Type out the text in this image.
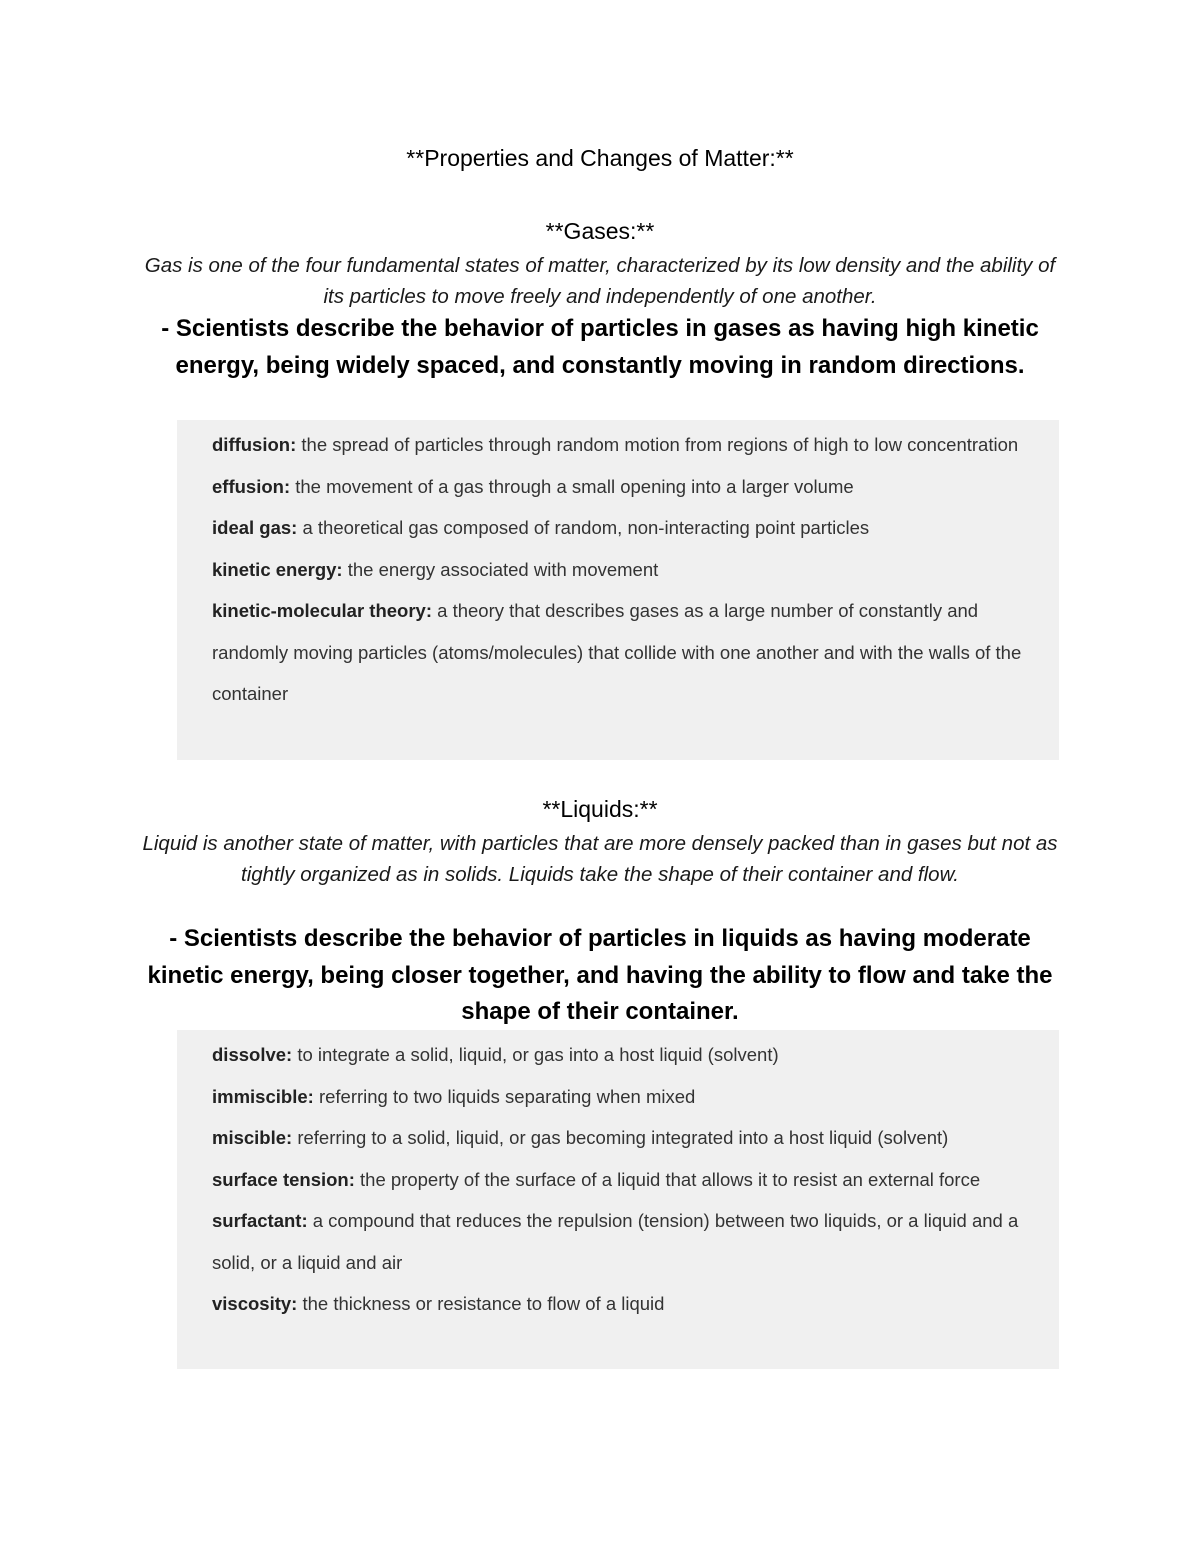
**Properties and Changes of Matter:**
**Gases:**
Gas is one of the four fundamental states of matter, characterized by its low density and the ability of its particles to move freely and independently of one another.
- Scientists describe the behavior of particles in gases as having high kinetic energy, being widely spaced, and constantly moving in random directions.
diffusion: the spread of particles through random motion from regions of high to low concentration
effusion: the movement of a gas through a small opening into a larger volume
ideal gas: a theoretical gas composed of random, non-interacting point particles
kinetic energy: the energy associated with movement
kinetic-molecular theory: a theory that describes gases as a large number of constantly and randomly moving particles (atoms/molecules) that collide with one another and with the walls of the container
**Liquids:**
Liquid is another state of matter, with particles that are more densely packed than in gases but not as tightly organized as in solids. Liquids take the shape of their container and flow.
- Scientists describe the behavior of particles in liquids as having moderate kinetic energy, being closer together, and having the ability to flow and take the shape of their container.
dissolve: to integrate a solid, liquid, or gas into a host liquid (solvent)
immiscible: referring to two liquids separating when mixed
miscible: referring to a solid, liquid, or gas becoming integrated into a host liquid (solvent)
surface tension: the property of the surface of a liquid that allows it to resist an external force
surfactant: a compound that reduces the repulsion (tension) between two liquids, or a liquid and a solid, or a liquid and air
viscosity: the thickness or resistance to flow of a liquid
